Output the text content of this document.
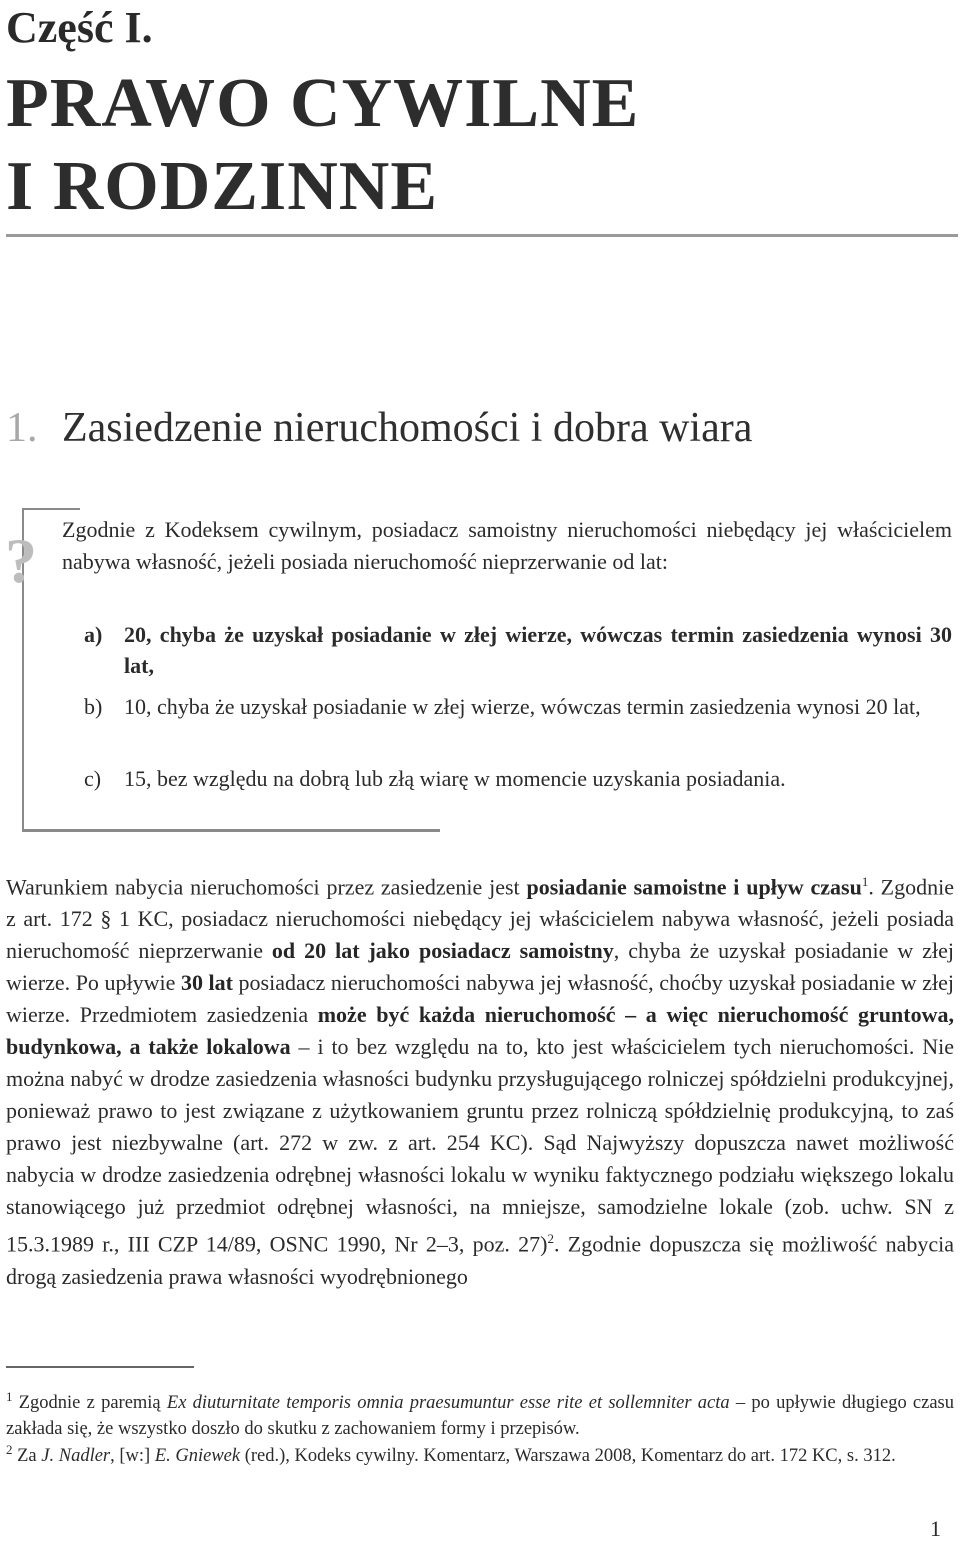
Część I.
PRAWO CYWILNE
I RODZINNE
1. Zasiedzenie nieruchomości i dobra wiara
? Zgodnie z Kodeksem cywilnym, posiadacz samoistny nieruchomości niebędący jej właścicielem nabywa własność, jeżeli posiada nieruchomość nieprzerwanie od lat:
a) 20, chyba że uzyskał posiadanie w złej wierze, wówczas termin zasiedzenia wynosi 30 lat,
b) 10, chyba że uzyskał posiadanie w złej wierze, wówczas termin zasiedzenia wynosi 20 lat,
c) 15, bez względu na dobrą lub złą wiarę w momencie uzyskania posiadania.
Warunkiem nabycia nieruchomości przez zasiedzenie jest posiadanie samoistne i upływ czasu$^1$. Zgodnie z art. 172 § 1 KC, posiadacz nieruchomości niebędący jej właścicielem nabywa własność, jeżeli posiada nieruchomość nieprzerwanie od 20 lat jako posiadacz samoistny, chyba że uzyskał posiadanie w złej wierze. Po upływie 30 lat posiadacz nieruchomości nabywa jej własność, choćby uzyskał posiadanie w złej wierze. Przedmiotem zasiedzenia może być każda nieruchomość – a więc nieruchomość gruntowa, budynkowa, a także lokalowa – i to bez względu na to, kto jest właścicielem tych nieruchomości. Nie można nabyć w drodze zasiedzenia własności budynku przysługującego rolniczej spółdzielni produkcyjnej, ponieważ prawo to jest związane z użytkowaniem gruntu przez rolniczą spółdzielnię produkcyjną, to zaś prawo jest niezbywalne (art. 272 w zw. z art. 254 KC). Sąd Najwyższy dopuszcza nawet możliwość nabycia w drodze zasiedzenia odrębnej własności lokalu w wyniku faktycznego podziału większego lokalu stanowiącego już przedmiot odrębnej własności, na mniejsze, samodzielne lokale (zob. uchw. SN z 15.3.1989 r., III CZP 14/89, OSNC 1990, Nr 2–3, poz. 27)$^2$. Zgodnie dopuszcza się możliwość nabycia drogą zasiedzenia prawa własności wyodrębnionego
$^1$ Zgodnie z paremią Ex diuturnitate temporis omnia praesumuntur esse rite et sollemniter acta – po upływie długiego czasu zakłada się, że wszystko doszło do skutku z zachowaniem formy i przepisów.
$^2$ Za J. Nadler, [w:] E. Gniewek (red.), Kodeks cywilny. Komentarz, Warszawa 2008, Komentarz do art. 172 KC, s. 312.
1
